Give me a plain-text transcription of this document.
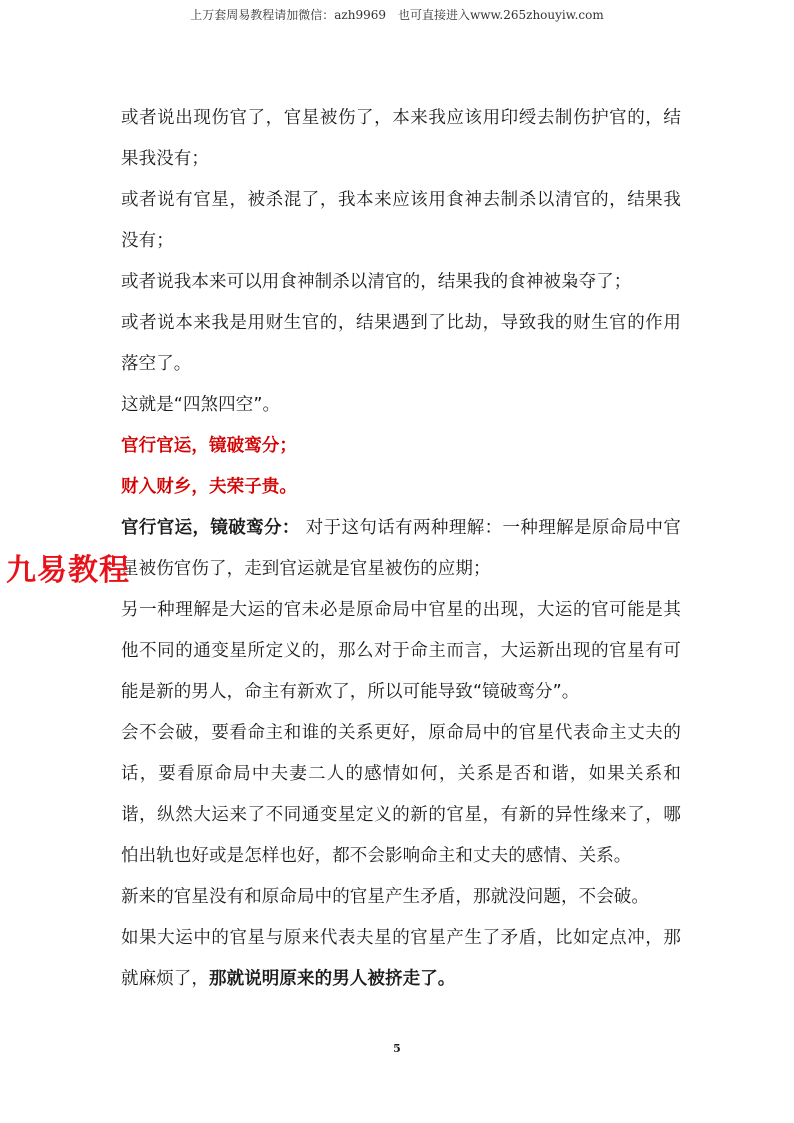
上万套周易教程请加微信：azh9969　也可直接进入www.265zhouyiw.com

或者说出现伤官了，官星被伤了，本来我应该用印绶去制伤护官的，结果我没有；

或者说有官星，被杀混了，我本来应该用食神去制杀以清官的，结果我没有；

或者说我本来可以用食神制杀以清官的，结果我的食神被枭夺了；

或者说本来我是用财生官的，结果遇到了比劫，导致我的财生官的作用落空了。

这就是“四煞四空”。

官行官运，镜破鸾分；

财入财乡，夫荣子贵。

官行官运，镜破鸾分： 对于这句话有两种理解：一种理解是原命局中官星被伤官伤了，走到官运就是官星被伤的应期；

另一种理解是大运的官未必是原命局中官星的出现，大运的官可能是其他不同的通变星所定义的，那么对于命主而言，大运新出现的官星有可能是新的男人，命主有新欢了，所以可能导致“镜破鸾分”。

会不会破，要看命主和谁的关系更好，原命局中的官星代表命主丈夫的话，要看原命局中夫妻二人的感情如何，关系是否和谐，如果关系和谐，纵然大运来了不同通变星定义的新的官星，有新的异性缘来了，哪怕出轨也好或是怎样也好，都不会影响命主和丈夫的感情、关系。

新来的官星没有和原命局中的官星产生矛盾，那就没问题，不会破。

如果大运中的官星与原来代表夫星的官星产生了矛盾，比如定点冲，那就麻烦了，那就说明原来的男人被挤走了。

九易教程
5
